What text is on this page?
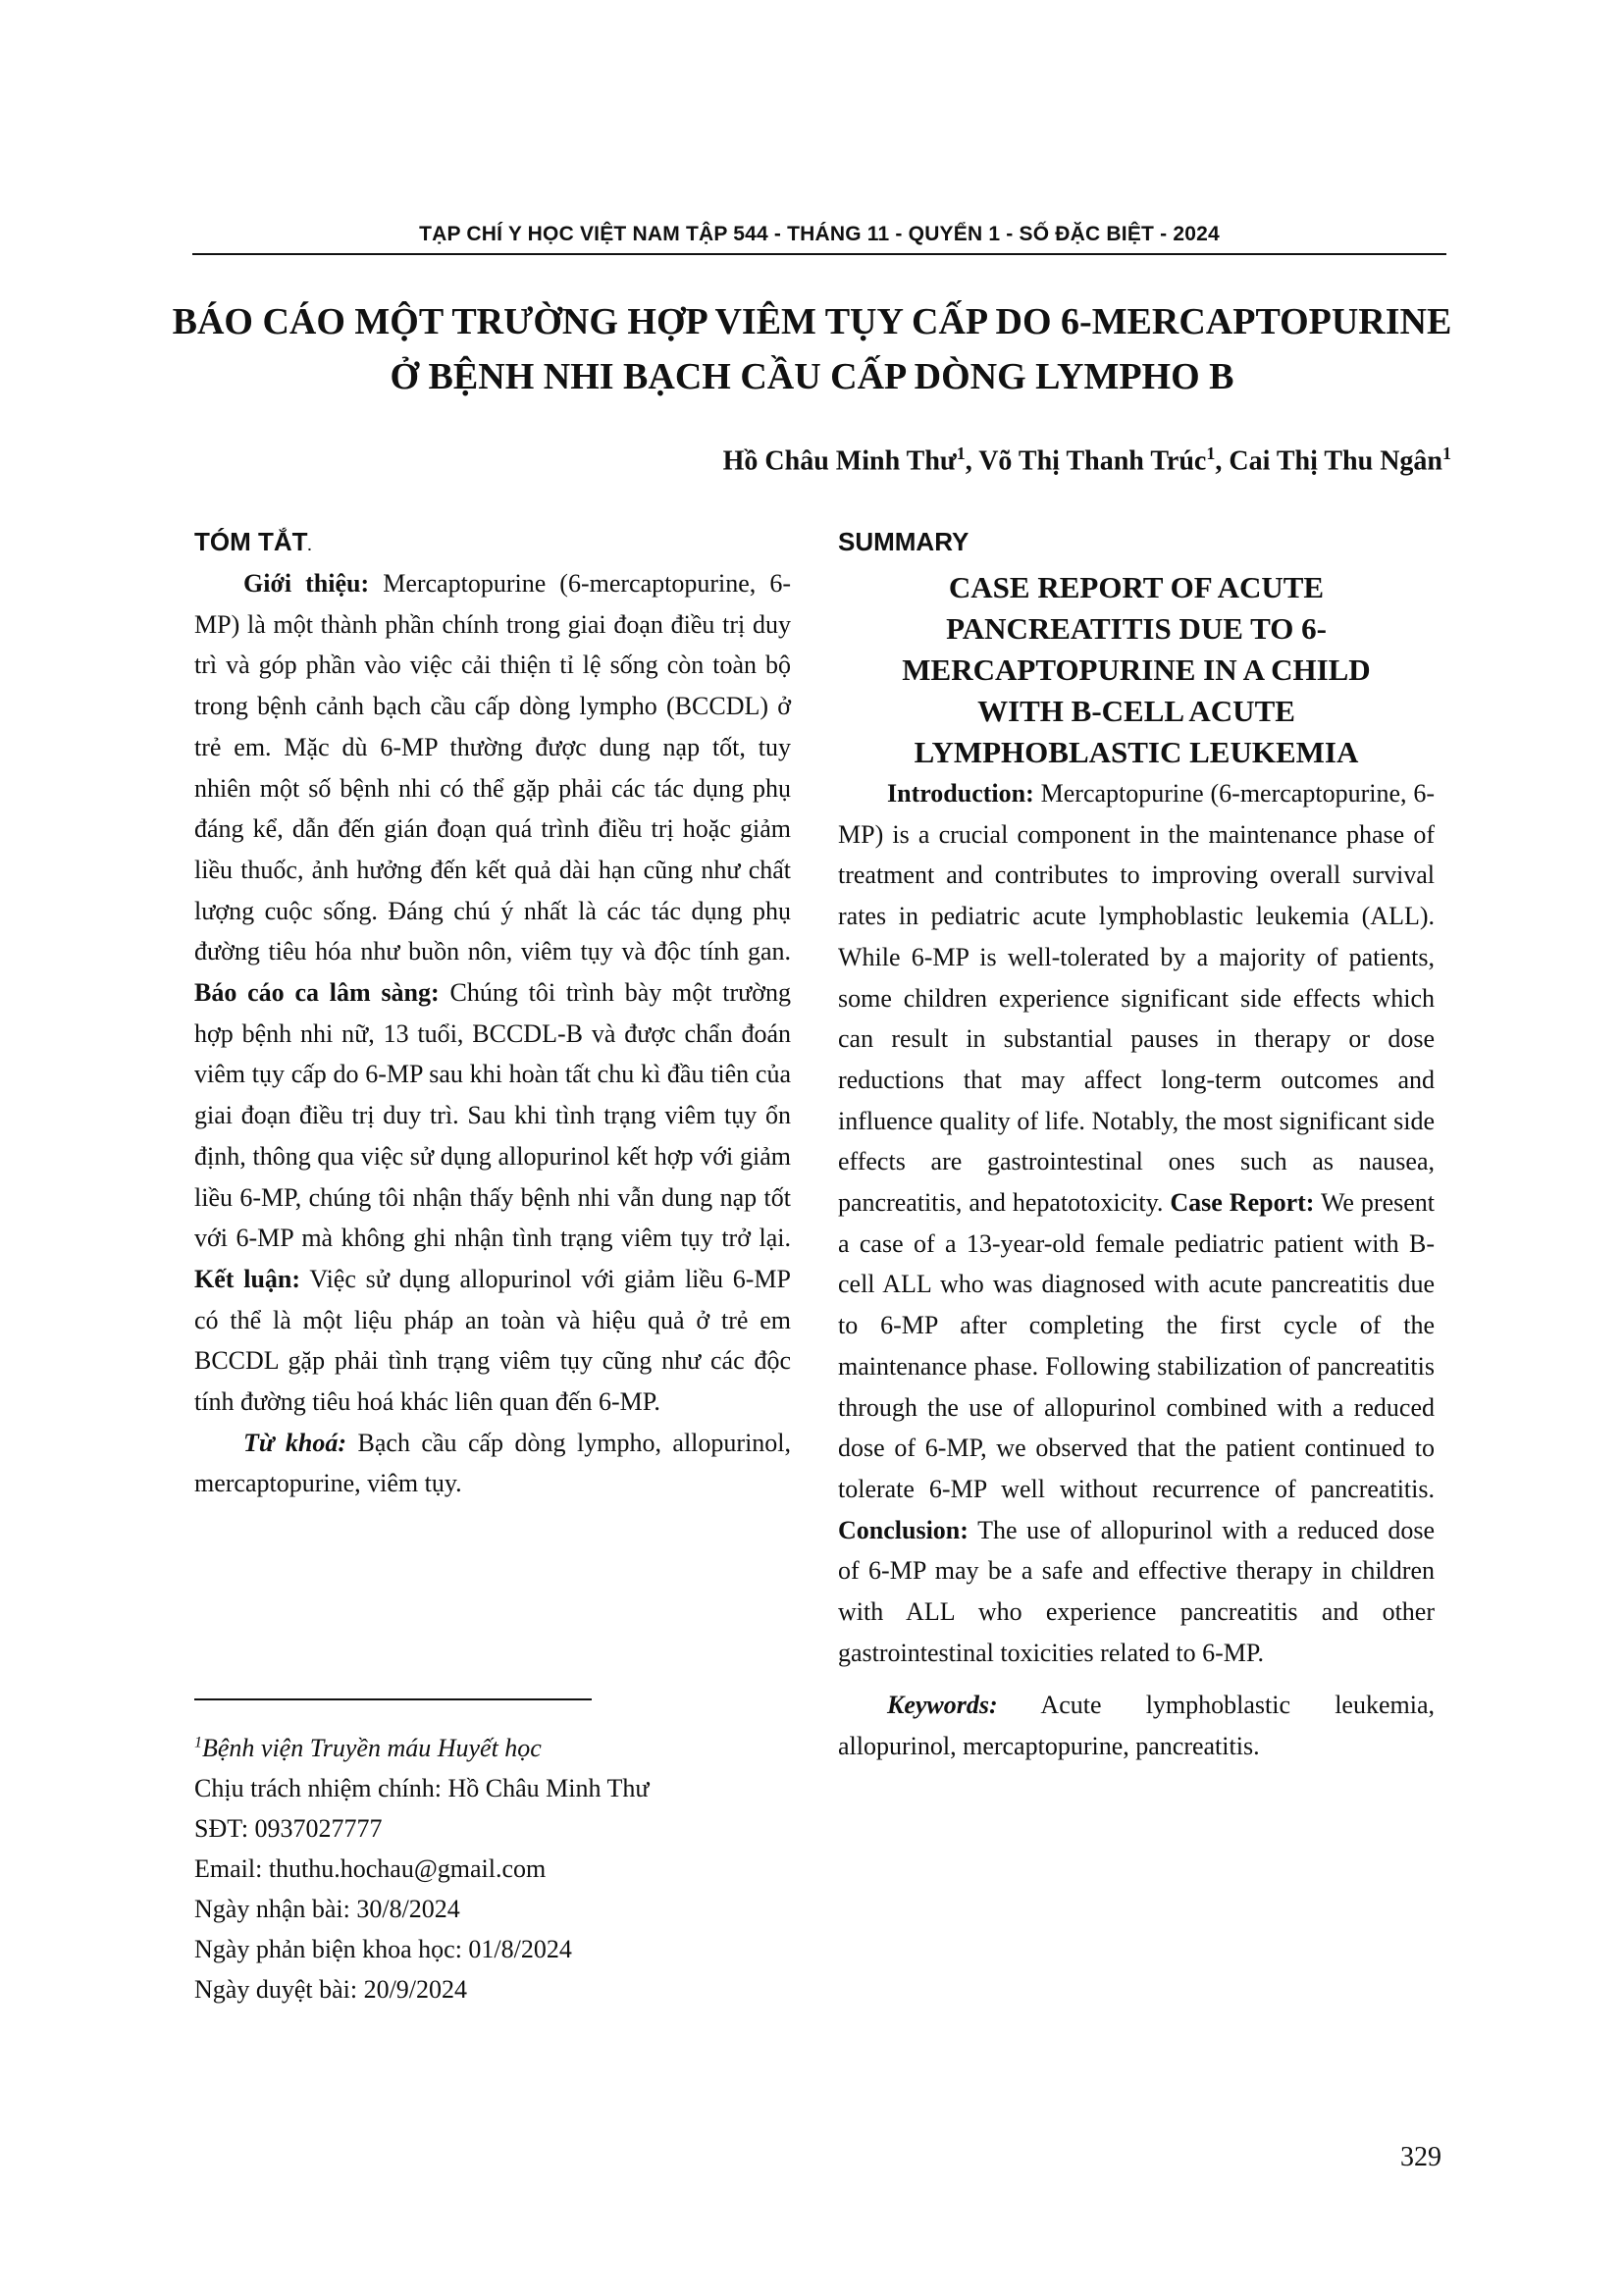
TẠP CHÍ Y HỌC VIỆT NAM TẬP 544 - THÁNG 11 - QUYỂN 1 - SỐ ĐẶC BIỆT - 2024
BÁO CÁO MỘT TRƯỜNG HỢP VIÊM TỤY CẤP DO 6-MERCAPTOPURINE
Ở BỆNH NHI BẠCH CẦU CẤP DÒNG LYMPHO B
Hồ Châu Minh Thư$^1$, Võ Thị Thanh Trúc$^1$, Cai Thị Thu Ngân$^1$
TÓM TẮT.

Giới thiệu: Mercaptopurine (6-mercaptopurine, 6-MP) là một thành phần chính trong giai đoạn điều trị duy trì và góp phần vào việc cải thiện tỉ lệ sống còn toàn bộ trong bệnh cảnh bạch cầu cấp dòng lympho (BCCDL) ở trẻ em. Mặc dù 6-MP thường được dung nạp tốt, tuy nhiên một số bệnh nhi có thể gặp phải các tác dụng phụ đáng kể, dẫn đến gián đoạn quá trình điều trị hoặc giảm liều thuốc, ảnh hưởng đến kết quả dài hạn cũng như chất lượng cuộc sống. Đáng chú ý nhất là các tác dụng phụ đường tiêu hóa như buồn nôn, viêm tụy và độc tính gan. Báo cáo ca lâm sàng: Chúng tôi trình bày một trường hợp bệnh nhi nữ, 13 tuổi, BCCDL-B và được chẩn đoán viêm tụy cấp do 6-MP sau khi hoàn tất chu kì đầu tiên của giai đoạn điều trị duy trì. Sau khi tình trạng viêm tụy ổn định, thông qua việc sử dụng allopurinol kết hợp với giảm liều 6-MP, chúng tôi nhận thấy bệnh nhi vẫn dung nạp tốt với 6-MP mà không ghi nhận tình trạng viêm tụy trở lại. Kết luận: Việc sử dụng allopurinol với giảm liều 6-MP có thể là một liệu pháp an toàn và hiệu quả ở trẻ em BCCDL gặp phải tình trạng viêm tụy cũng như các độc tính đường tiêu hoá khác liên quan đến 6-MP.

Từ khoá: Bạch cầu cấp dòng lympho, allopurinol, mercaptopurine, viêm tụy.

SUMMARY
CASE REPORT OF ACUTE
PANCREATITIS DUE TO 6-
MERCAPTOPURINE IN A CHILD
WITH B-CELL ACUTE
LYMPHOBLASTIC LEUKEMIA

Introduction: Mercaptopurine (6-mercaptopurine, 6-MP) is a crucial component in the maintenance phase of treatment and contributes to improving overall survival rates in pediatric acute lymphoblastic leukemia (ALL). While 6-MP is well-tolerated by a majority of patients, some children experience significant side effects which can result in substantial pauses in therapy or dose reductions that may affect long-term outcomes and influence quality of life. Notably, the most significant side effects are gastrointestinal ones such as nausea, pancreatitis, and hepatotoxicity. Case Report: We present a case of a 13-year-old female pediatric patient with B-cell ALL who was diagnosed with acute pancreatitis due to 6-MP after completing the first cycle of the maintenance phase. Following stabilization of pancreatitis through the use of allopurinol combined with a reduced dose of 6-MP, we observed that the patient continued to tolerate 6-MP well without recurrence of pancreatitis. Conclusion: The use of allopurinol with a reduced dose of 6-MP may be a safe and effective therapy in children with ALL who experience pancreatitis and other gastrointestinal toxicities related to 6-MP.

Keywords: Acute lymphoblastic leukemia, allopurinol, mercaptopurine, pancreatitis.

$^1$Bệnh viện Truyền máu Huyết học
Chịu trách nhiệm chính: Hồ Châu Minh Thư
SĐT: 0937027777
Email: thuthu.hochau@gmail.com
Ngày nhận bài: 30/8/2024
Ngày phản biện khoa học: 01/8/2024
Ngày duyệt bài: 20/9/2024
329
